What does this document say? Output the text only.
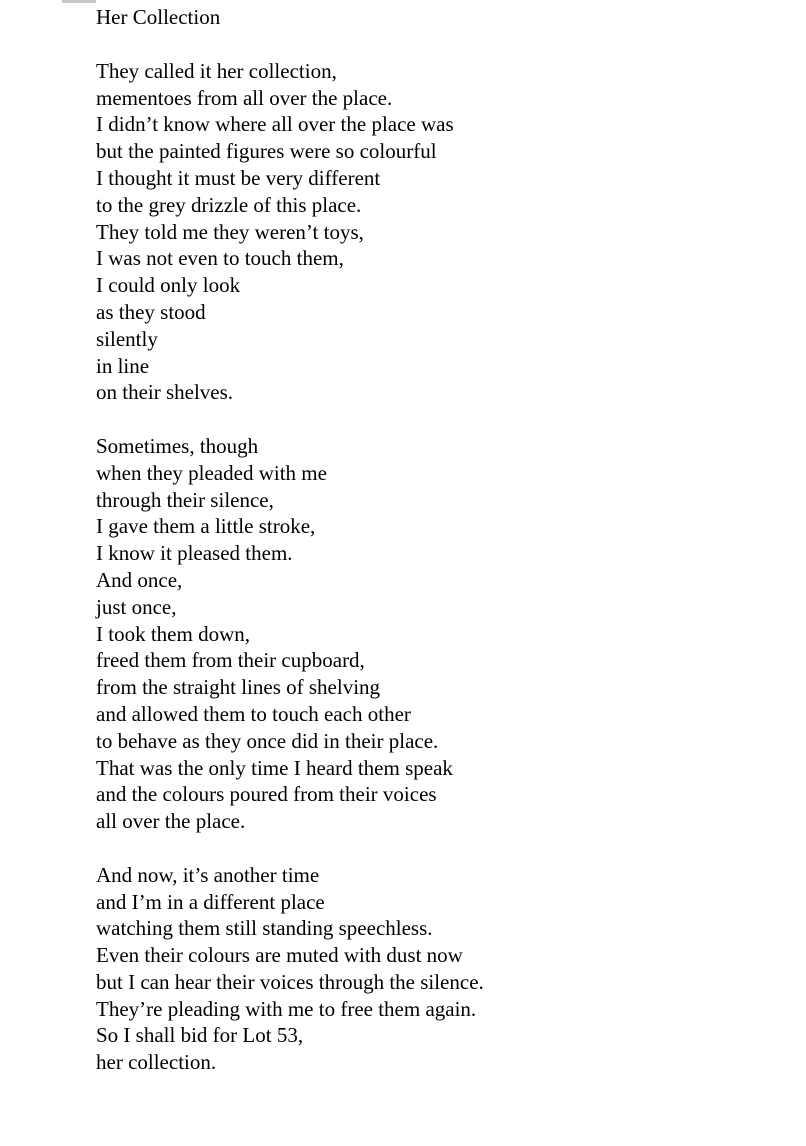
Her Collection
They called it her collection,
mementoes from all over the place.
I didn’t know where all over the place was
but the painted figures were so colourful
I thought it must be very different
to the grey drizzle of this place.
They told me they weren’t toys,
I was not even to touch them,
I could only look
as they stood
silently
in line
on their shelves.
Sometimes, though
when they pleaded with me
through their silence,
I gave them a little stroke,
I know it pleased them.
And once,
just once,
I took them down,
freed them from their cupboard,
from the straight lines of shelving
and allowed them to touch each other
to behave as they once did in their place.
That was the only time I heard them speak
and the colours poured from their voices
all over the place.
And now, it’s another time
and I’m in a different place
watching them still standing speechless.
Even their colours are muted with dust now
but I can hear their voices through the silence.
They’re pleading with me to free them again.
So I shall bid for Lot 53,
her collection.
